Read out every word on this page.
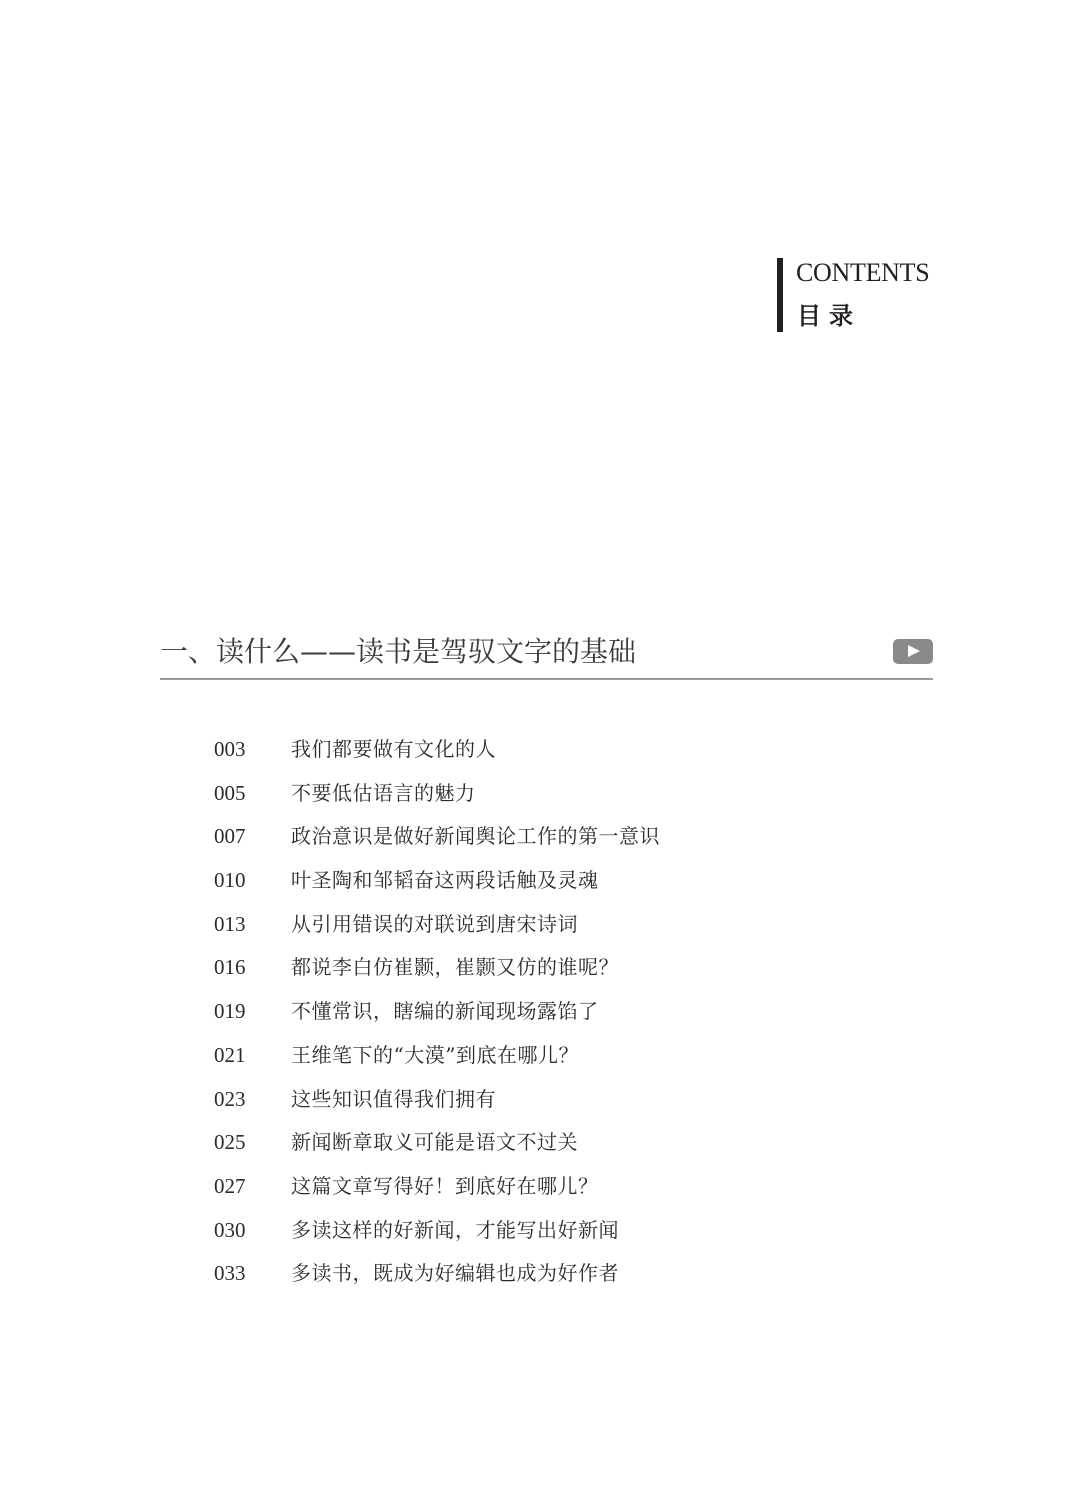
CONTENTS
目录
一、读什么——读书是驾驭文字的基础
003 我们都要做有文化的人
005 不要低估语言的魅力
007 政治意识是做好新闻舆论工作的第一意识
010 叶圣陶和邹韬奋这两段话触及灵魂
013 从引用错误的对联说到唐宋诗词
016 都说李白仿崔颢，崔颢又仿的谁呢？
019 不懂常识，瞎编的新闻现场露馅了
021 王维笔下的“大漠”到底在哪儿？
023 这些知识值得我们拥有
025 新闻断章取义可能是语文不过关
027 这篇文章写得好！到底好在哪儿？
030 多读这样的好新闻，才能写出好新闻
033 多读书，既成为好编辑也成为好作者
